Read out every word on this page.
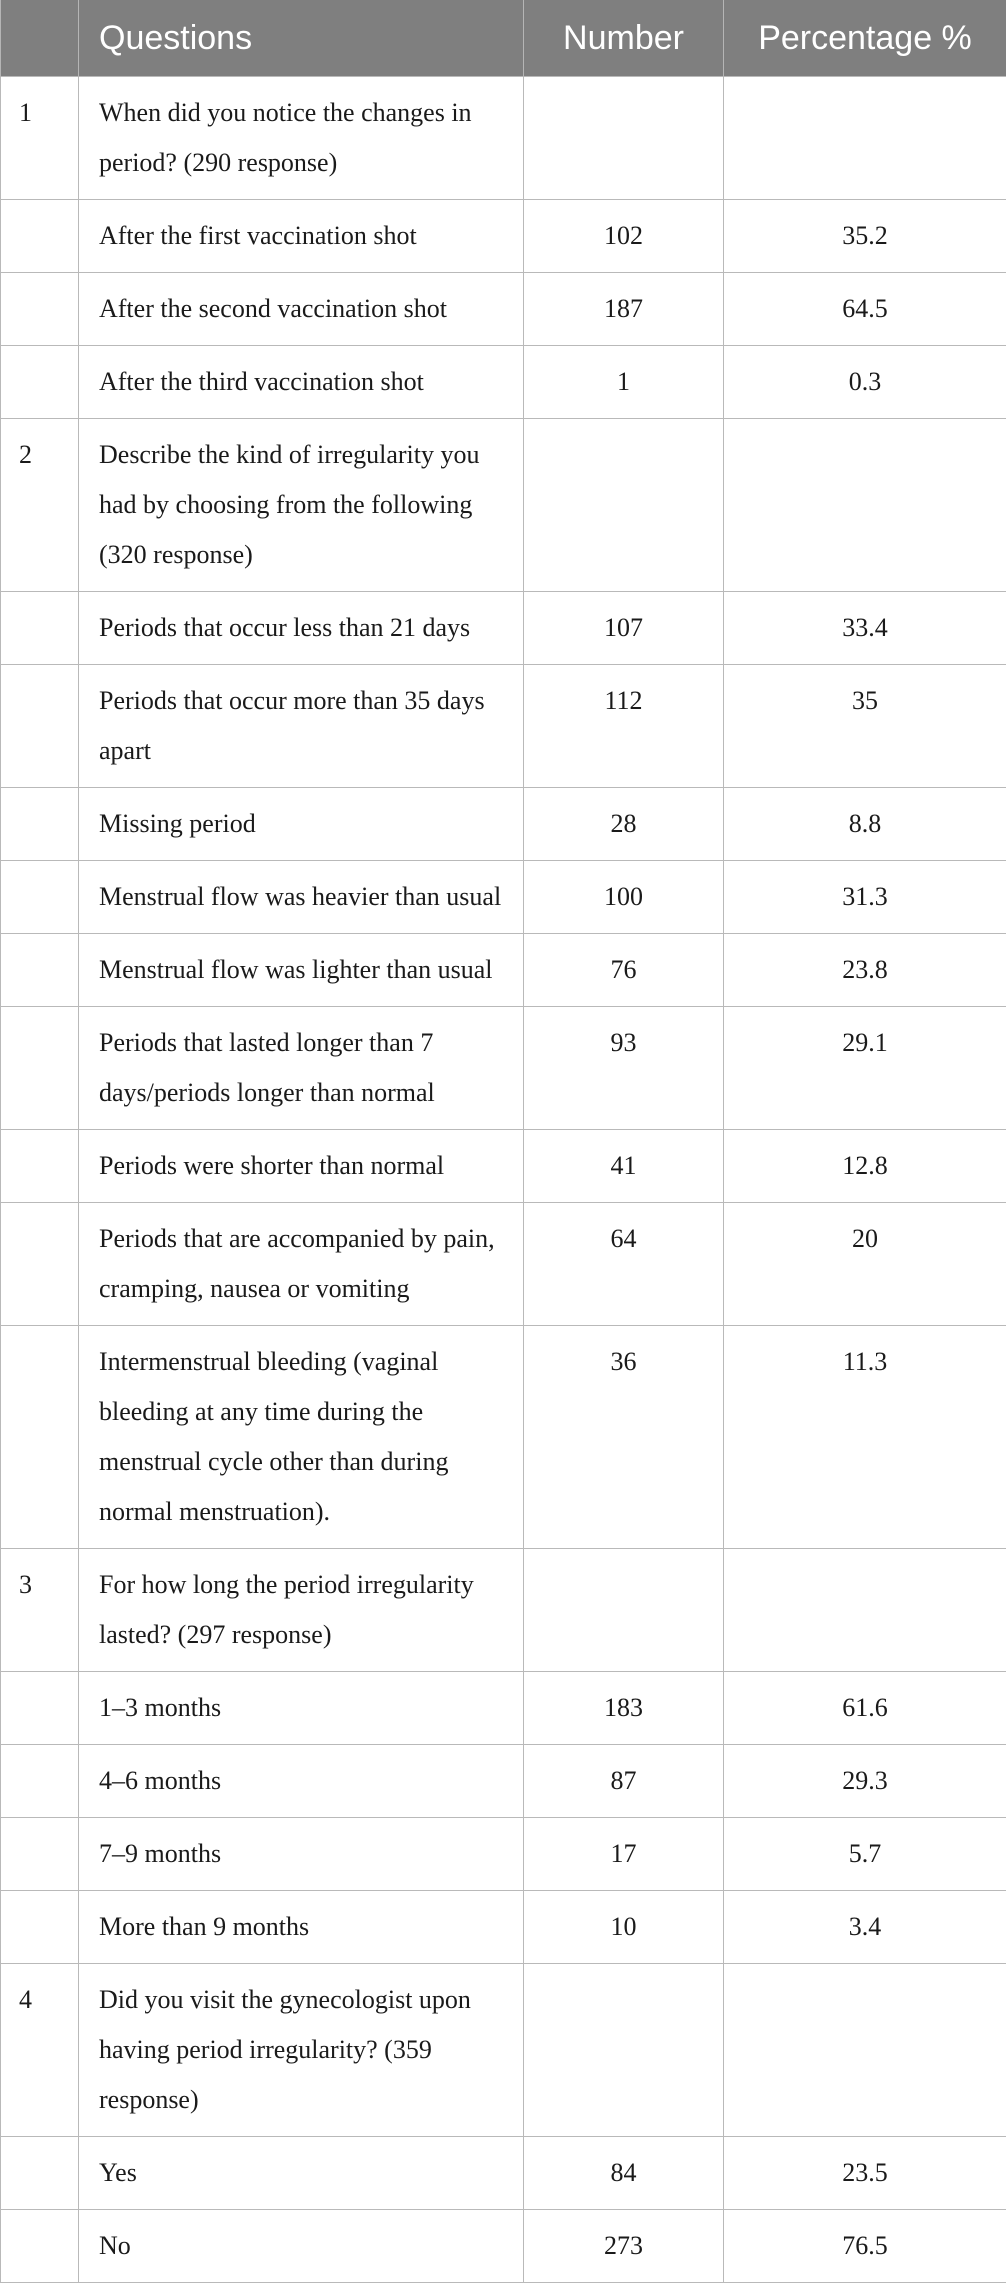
	Questions	Number	Percentage %
1	When did you notice the changes in period? (290 response)		
	After the first vaccination shot	102	35.2
	After the second vaccination shot	187	64.5
	After the third vaccination shot	1	0.3
2	Describe the kind of irregularity you had by choosing from the following (320 response)		
	Periods that occur less than 21 days	107	33.4
	Periods that occur more than 35 days apart	112	35
	Missing period	28	8.8
	Menstrual flow was heavier than usual	100	31.3
	Menstrual flow was lighter than usual	76	23.8
	Periods that lasted longer than 7 days/periods longer than normal	93	29.1
	Periods were shorter than normal	41	12.8
	Periods that are accompanied by pain, cramping, nausea or vomiting	64	20
	Intermenstrual bleeding (vaginal bleeding at any time during the menstrual cycle other than during normal menstruation).	36	11.3
3	For how long the period irregularity lasted? (297 response)		
	1–3 months	183	61.6
	4–6 months	87	29.3
	7–9 months	17	5.7
	More than 9 months	10	3.4
4	Did you visit the gynecologist upon having period irregularity? (359 response)		
	Yes	84	23.5
	No	273	76.5
